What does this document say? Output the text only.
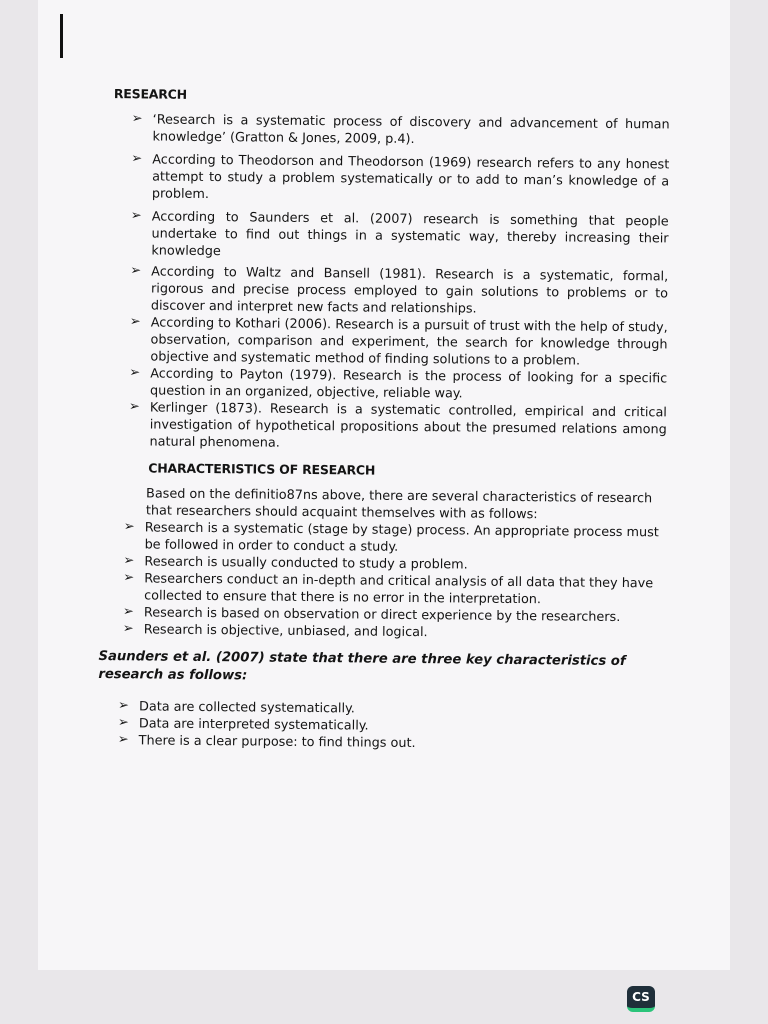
RESEARCH
➢ ‘Research is a systematic process of discovery and advancement of human knowledge’ (Gratton & Jones, 2009, p.4).
➢ According to Theodorson and Theodorson (1969) research refers to any honest attempt to study a problem systematically or to add to man’s knowledge of a problem.
➢ According to Saunders et al. (2007) research is something that people undertake to find out things in a systematic way, thereby increasing their knowledge
➢ According to Waltz and Bansell (1981). Research is a systematic, formal, rigorous and precise process employed to gain solutions to problems or to discover and interpret new facts and relationships.
➢ According to Kothari (2006). Research is a pursuit of trust with the help of study, observation, comparison and experiment, the search for knowledge through objective and systematic method of finding solutions to a problem.
➢ According to Payton (1979). Research is the process of looking for a specific question in an organized, objective, reliable way.
➢ Kerlinger (1873). Research is a systematic controlled, empirical and critical investigation of hypothetical propositions about the presumed relations among natural phenomena.
CHARACTERISTICS OF RESEARCH
Based on the definitio87ns above, there are several characteristics of research that researchers should acquaint themselves with as follows:
➢ Research is a systematic (stage by stage) process. An appropriate process must be followed in order to conduct a study.
➢ Research is usually conducted to study a problem.
➢ Researchers conduct an in-depth and critical analysis of all data that they have collected to ensure that there is no error in the interpretation.
➢ Research is based on observation or direct experience by the researchers.
➢ Research is objective, unbiased, and logical.
Saunders et al. (2007) state that there are three key characteristics of research as follows:
➢ Data are collected systematically.
➢ Data are interpreted systematically.
➢ There is a clear purpose: to find things out.
CS
